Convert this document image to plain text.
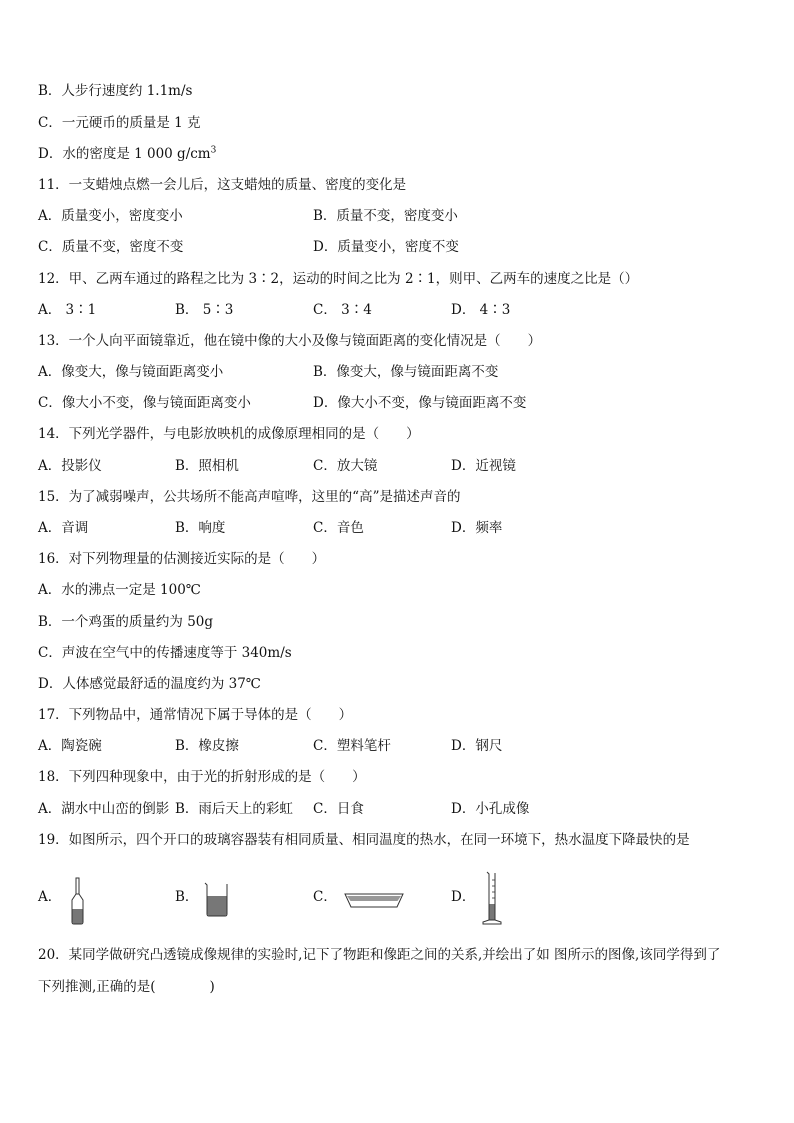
B．人步行速度约 1.1m/s
C．一元硬币的质量是 1 克
D．水的密度是 1 000 $g/cm^3$
11．一支蜡烛点燃一会儿后，这支蜡烛的质量、密度的变化是
A．质量变小，密度变小	B．质量不变，密度变小
C．质量不变，密度不变	D．质量变小，密度不变
12．甲、乙两车通过的路程之比为 3∶2，运动的时间之比为 2∶1，则甲、乙两车的速度之比是（）
A． 3∶1	B． 5∶3	C． 3∶4	D． 4∶3
13．一个人向平面镜靠近，他在镜中像的大小及像与镜面距离的变化情况是（　　）
A．像变大，像与镜面距离变小	B．像变大，像与镜面距离不变
C．像大小不变，像与镜面距离变小	D．像大小不变，像与镜面距离不变
14．下列光学器件，与电影放映机的成像原理相同的是（　　）
A．投影仪	B．照相机	C．放大镜	D．近视镜
15．为了减弱噪声，公共场所不能高声喧哗，这里的“高”是描述声音的
A．音调	B．响度	C．音色	D．频率
16．对下列物理量的估测接近实际的是（　　）
A．水的沸点一定是 100℃
B．一个鸡蛋的质量约为 50g
C．声波在空气中的传播速度等于 340m/s
D．人体感觉最舒适的温度约为 37℃
17．下列物品中，通常情况下属于导体的是（　　）
A．陶瓷碗	B．橡皮擦	C．塑料笔杆	D．钢尺
18．下列四种现象中，由于光的折射形成的是（　　）
A．湖水中山峦的倒影 B．雨后天上的彩虹 C．日食	D．小孔成像
19．如图所示，四个开口的玻璃容器装有相同质量、相同温度的热水，在同一环境下，热水温度下降最快的是
A．	B．	C．	D．
20．某同学做研究凸透镜成像规律的实验时,记下了物距和像距之间的关系,并绘出了如 图所示的图像,该同学得到了
下列推测,正确的是(　　　　)
